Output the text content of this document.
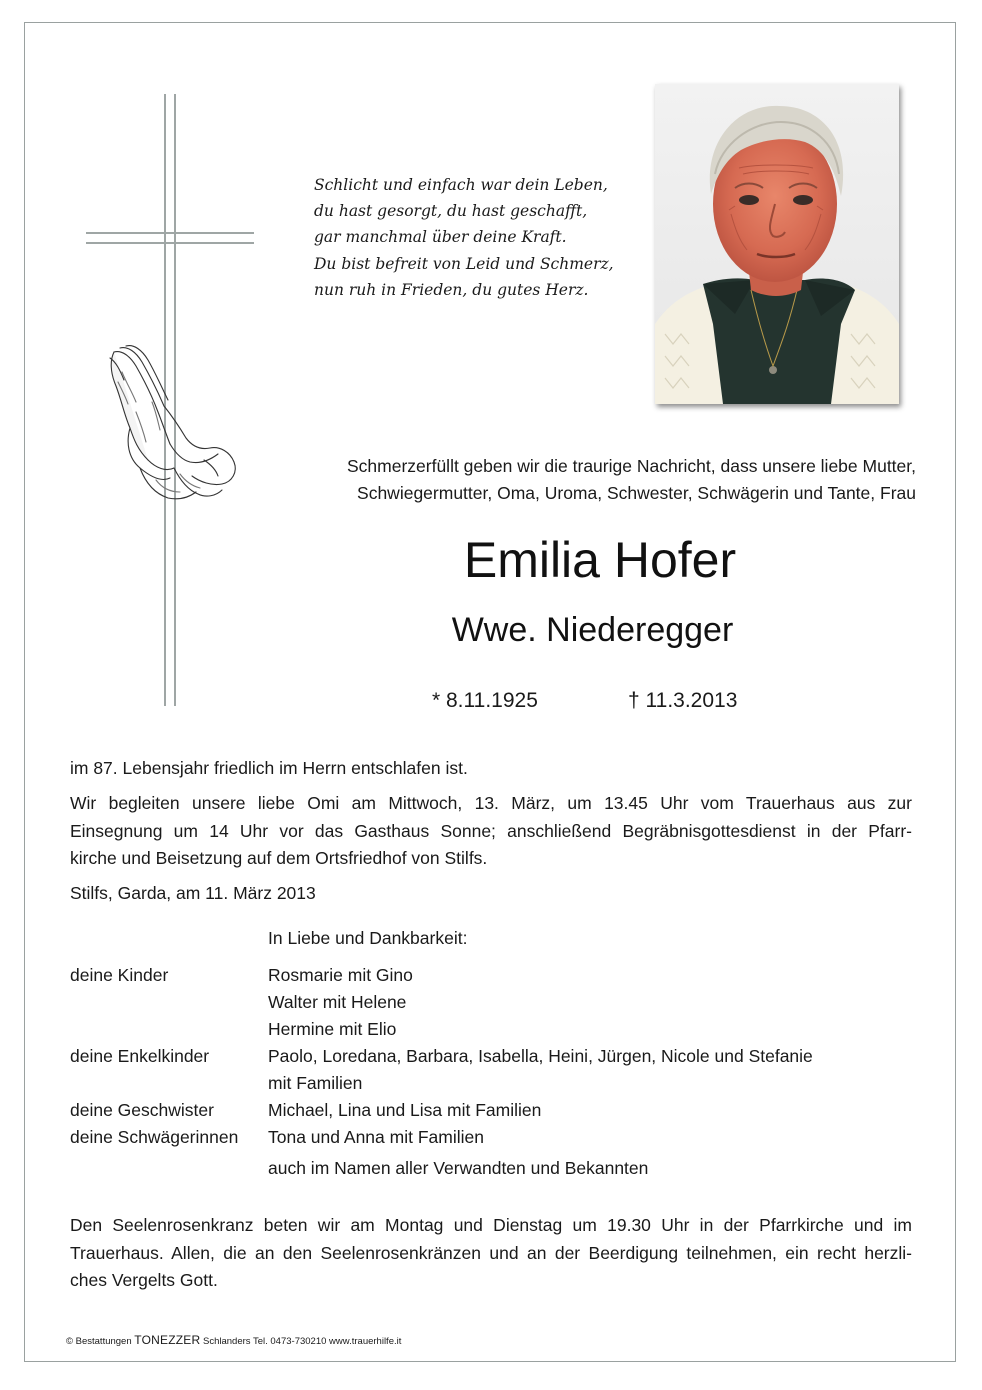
Schlicht und einfach war dein Leben,
du hast gesorgt, du hast geschafft,
gar manchmal über deine Kraft.
Du bist befreit von Leid und Schmerz,
nun ruh in Frieden, du gutes Herz.
Schmerzerfüllt geben wir die traurige Nachricht, dass unsere liebe Mutter,
Schwiegermutter, Oma, Uroma, Schwester, Schwägerin und Tante, Frau
Emilia Hofer
Wwe. Niederegger
* 8.11.1925	† 11.3.2013
im 87. Lebensjahr friedlich im Herrn entschlafen ist.
Wir begleiten unsere liebe Omi am Mittwoch, 13. März, um 13.45 Uhr vom Trauerhaus aus zur
Einsegnung um 14 Uhr vor das Gasthaus Sonne; anschließend Begräbnisgottesdienst in der Pfarr-
kirche und Beisetzung auf dem Ortsfriedhof von Stilfs.
Stilfs, Garda, am 11. März 2013
In Liebe und Dankbarkeit:
deine Kinder	Rosmarie mit Gino
Walter mit Helene
Hermine mit Elio
deine Enkelkinder	Paolo, Loredana, Barbara, Isabella, Heini, Jürgen, Nicole und Stefanie
mit Familien
deine Geschwister	Michael, Lina und Lisa mit Familien
deine Schwägerinnen	Tona und Anna mit Familien
auch im Namen aller Verwandten und Bekannten
Den Seelenrosenkranz beten wir am Montag und Dienstag um 19.30 Uhr in der Pfarrkirche und im
Trauerhaus. Allen, die an den Seelenrosenkränzen und an der Beerdigung teilnehmen, ein recht herzli-
ches Vergelts Gott.
© Bestattungen TONEZZER Schlanders Tel. 0473-730210 www.trauerhilfe.it
